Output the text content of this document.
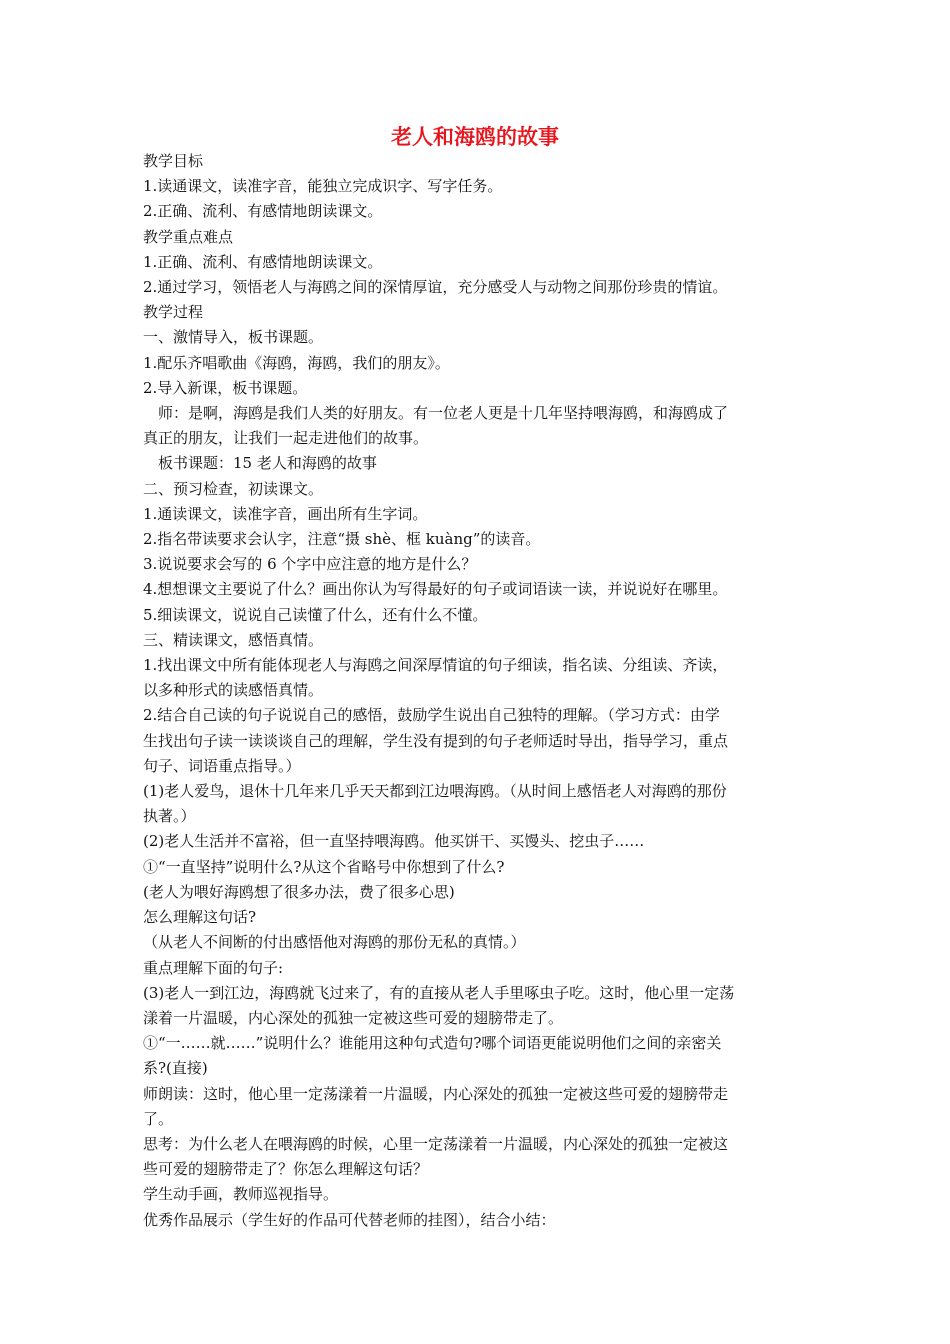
老人和海鸥的故事

教学目标

1.读通课文，读准字音，能独立完成识字、写字任务。

2.正确、流利、有感情地朗读课文。

教学重点难点

1.正确、流利、有感情地朗读课文。

2.通过学习，领悟老人与海鸥之间的深情厚谊，充分感受人与动物之间那份珍贵的情谊。

教学过程

一、激情导入，板书课题。

1.配乐齐唱歌曲《海鸥，海鸥，我们的朋友》。

2.导入新课，板书课题。

师：是啊，海鸥是我们人类的好朋友。有一位老人更是十几年坚持喂海鸥，和海鸥成了

真正的朋友，让我们一起走进他们的故事。

板书课题：15 老人和海鸥的故事

二、预习检查，初读课文。

1.通读课文，读准字音，画出所有生字词。

2.指名带读要求会认字，注意“摄 shè、框 kuàng”的读音。

3.说说要求会写的 6 个字中应注意的地方是什么？

4.想想课文主要说了什么？画出你认为写得最好的句子或词语读一读，并说说好在哪里。

5.细读课文，说说自己读懂了什么，还有什么不懂。

三、精读课文，感悟真情。

1.找出课文中所有能体现老人与海鸥之间深厚情谊的句子细读，指名读、分组读、齐读，

以多种形式的读感悟真情。

2.结合自己读的句子说说自己的感悟，鼓励学生说出自己独特的理解。（学习方式：由学

生找出句子读一读谈谈自己的理解，学生没有提到的句子老师适时导出，指导学习，重点

句子、词语重点指导。）

(1)老人爱鸟，退休十几年来几乎天天都到江边喂海鸥。（从时间上感悟老人对海鸥的那份

执著。）

(2)老人生活并不富裕，但一直坚持喂海鸥。他买饼干、买馒头、挖虫子……

①“一直坚持”说明什么?从这个省略号中你想到了什么?

(老人为喂好海鸥想了很多办法，费了很多心思)

怎么理解这句话?

（从老人不间断的付出感悟他对海鸥的那份无私的真情。）

重点理解下面的句子:

(3)老人一到江边，海鸥就飞过来了，有的直接从老人手里啄虫子吃。这时，他心里一定荡

漾着一片温暖，内心深处的孤独一定被这些可爱的翅膀带走了。

①“一……就……”说明什么？谁能用这种句式造句?哪个词语更能说明他们之间的亲密关

系?(直接)

师朗读：这时，他心里一定荡漾着一片温暖，内心深处的孤独一定被这些可爱的翅膀带走

了。

思考：为什么老人在喂海鸥的时候，心里一定荡漾着一片温暖，内心深处的孤独一定被这

些可爱的翅膀带走了？你怎么理解这句话？

学生动手画，教师巡视指导。

优秀作品展示（学生好的作品可代替老师的挂图），结合小结：
